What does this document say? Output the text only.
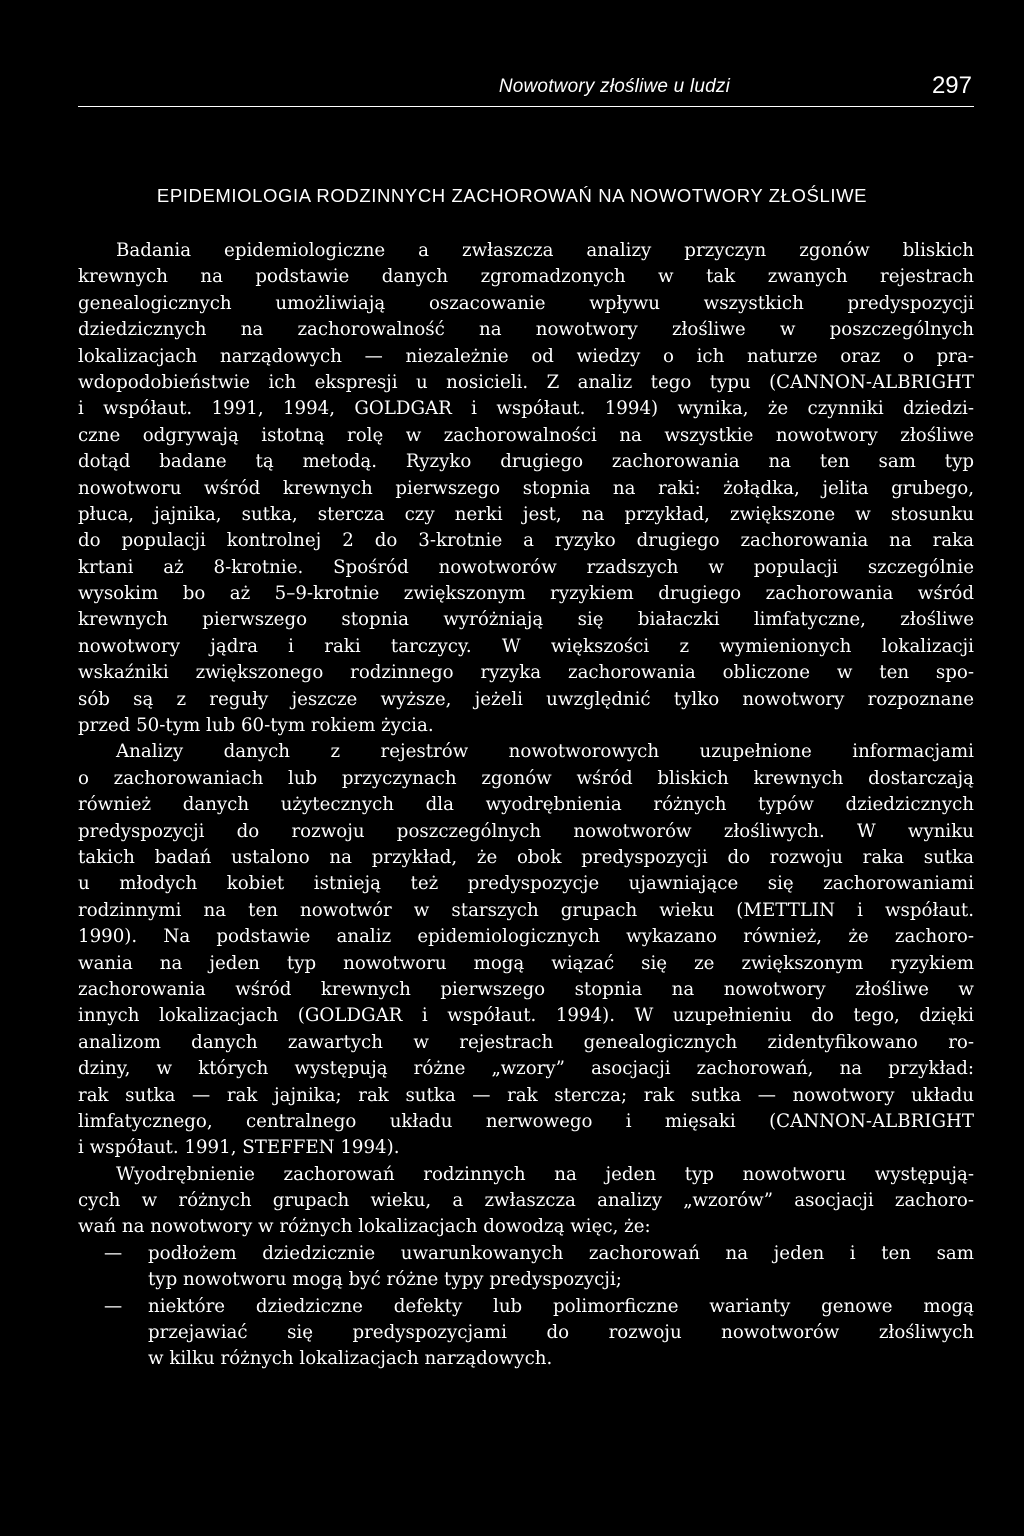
Nowotwory złośliwe u ludzi	297
EPIDEMIOLOGIA RODZINNYCH ZACHOROWAŃ NA NOWOTWORY ZŁOŚLIWE
Badania epidemiologiczne a zwłaszcza analizy przyczyn zgonów bliskich
krewnych na podstawie danych zgromadzonych w tak zwanych rejestrach
genealogicznych umożliwiają oszacowanie wpływu wszystkich predyspozycji
dziedzicznych na zachorowalność na nowotwory złośliwe w poszczególnych
lokalizacjach narządowych — niezależnie od wiedzy o ich naturze oraz o pra-
wdopodobieństwie ich ekspresji u nosicieli. Z analiz tego typu (CANNON-ALBRIGHT
i współaut. 1991, 1994, GOLDGAR i współaut. 1994) wynika, że czynniki dziedzi-
czne odgrywają istotną rolę w zachorowalności na wszystkie nowotwory złośliwe
dotąd badane tą metodą. Ryzyko drugiego zachorowania na ten sam typ
nowotworu wśród krewnych pierwszego stopnia na raki: żołądka, jelita grubego,
płuca, jajnika, sutka, stercza czy nerki jest, na przykład, zwiększone w stosunku
do populacji kontrolnej 2 do 3-krotnie a ryzyko drugiego zachorowania na raka
krtani aż 8-krotnie. Spośród nowotworów rzadszych w populacji szczególnie
wysokim bo aż 5–9-krotnie zwiększonym ryzykiem drugiego zachorowania wśród
krewnych pierwszego stopnia wyróżniają się białaczki limfatyczne, złośliwe
nowotwory jądra i raki tarczycy. W większości z wymienionych lokalizacji
wskaźniki zwiększonego rodzinnego ryzyka zachorowania obliczone w ten spo-
sób są z reguły jeszcze wyższe, jeżeli uwzględnić tylko nowotwory rozpoznane
przed 50-tym lub 60-tym rokiem życia.
Analizy danych z rejestrów nowotworowych uzupełnione informacjami
o zachorowaniach lub przyczynach zgonów wśród bliskich krewnych dostarczają
również danych użytecznych dla wyodrębnienia różnych typów dziedzicznych
predyspozycji do rozwoju poszczególnych nowotworów złośliwych. W wyniku
takich badań ustalono na przykład, że obok predyspozycji do rozwoju raka sutka
u młodych kobiet istnieją też predyspozycje ujawniające się zachorowaniami
rodzinnymi na ten nowotwór w starszych grupach wieku (METTLIN i współaut.
1990). Na podstawie analiz epidemiologicznych wykazano również, że zachoro-
wania na jeden typ nowotworu mogą wiązać się ze zwiększonym ryzykiem
zachorowania wśród krewnych pierwszego stopnia na nowotwory złośliwe w
innych lokalizacjach (GOLDGAR i współaut. 1994). W uzupełnieniu do tego, dzięki
analizom danych zawartych w rejestrach genealogicznych zidentyfikowano ro-
dziny, w których występują różne „wzory” asocjacji zachorowań, na przykład:
rak sutka — rak jajnika; rak sutka — rak stercza; rak sutka — nowotwory układu
limfatycznego, centralnego układu nerwowego i mięsaki (CANNON-ALBRIGHT
i współaut. 1991, STEFFEN 1994).
Wyodrębnienie zachorowań rodzinnych na jeden typ nowotworu występują-
cych w różnych grupach wieku, a zwłaszcza analizy „wzorów” asocjacji zachoro-
wań na nowotwory w różnych lokalizacjach dowodzą więc, że:
— podłożem dziedzicznie uwarunkowanych zachorowań na jeden i ten sam
typ nowotworu mogą być różne typy predyspozycji;
— niektóre dziedziczne defekty lub polimorficzne warianty genowe mogą
przejawiać się predyspozycjami do rozwoju nowotworów złośliwych
w kilku różnych lokalizacjach narządowych.
